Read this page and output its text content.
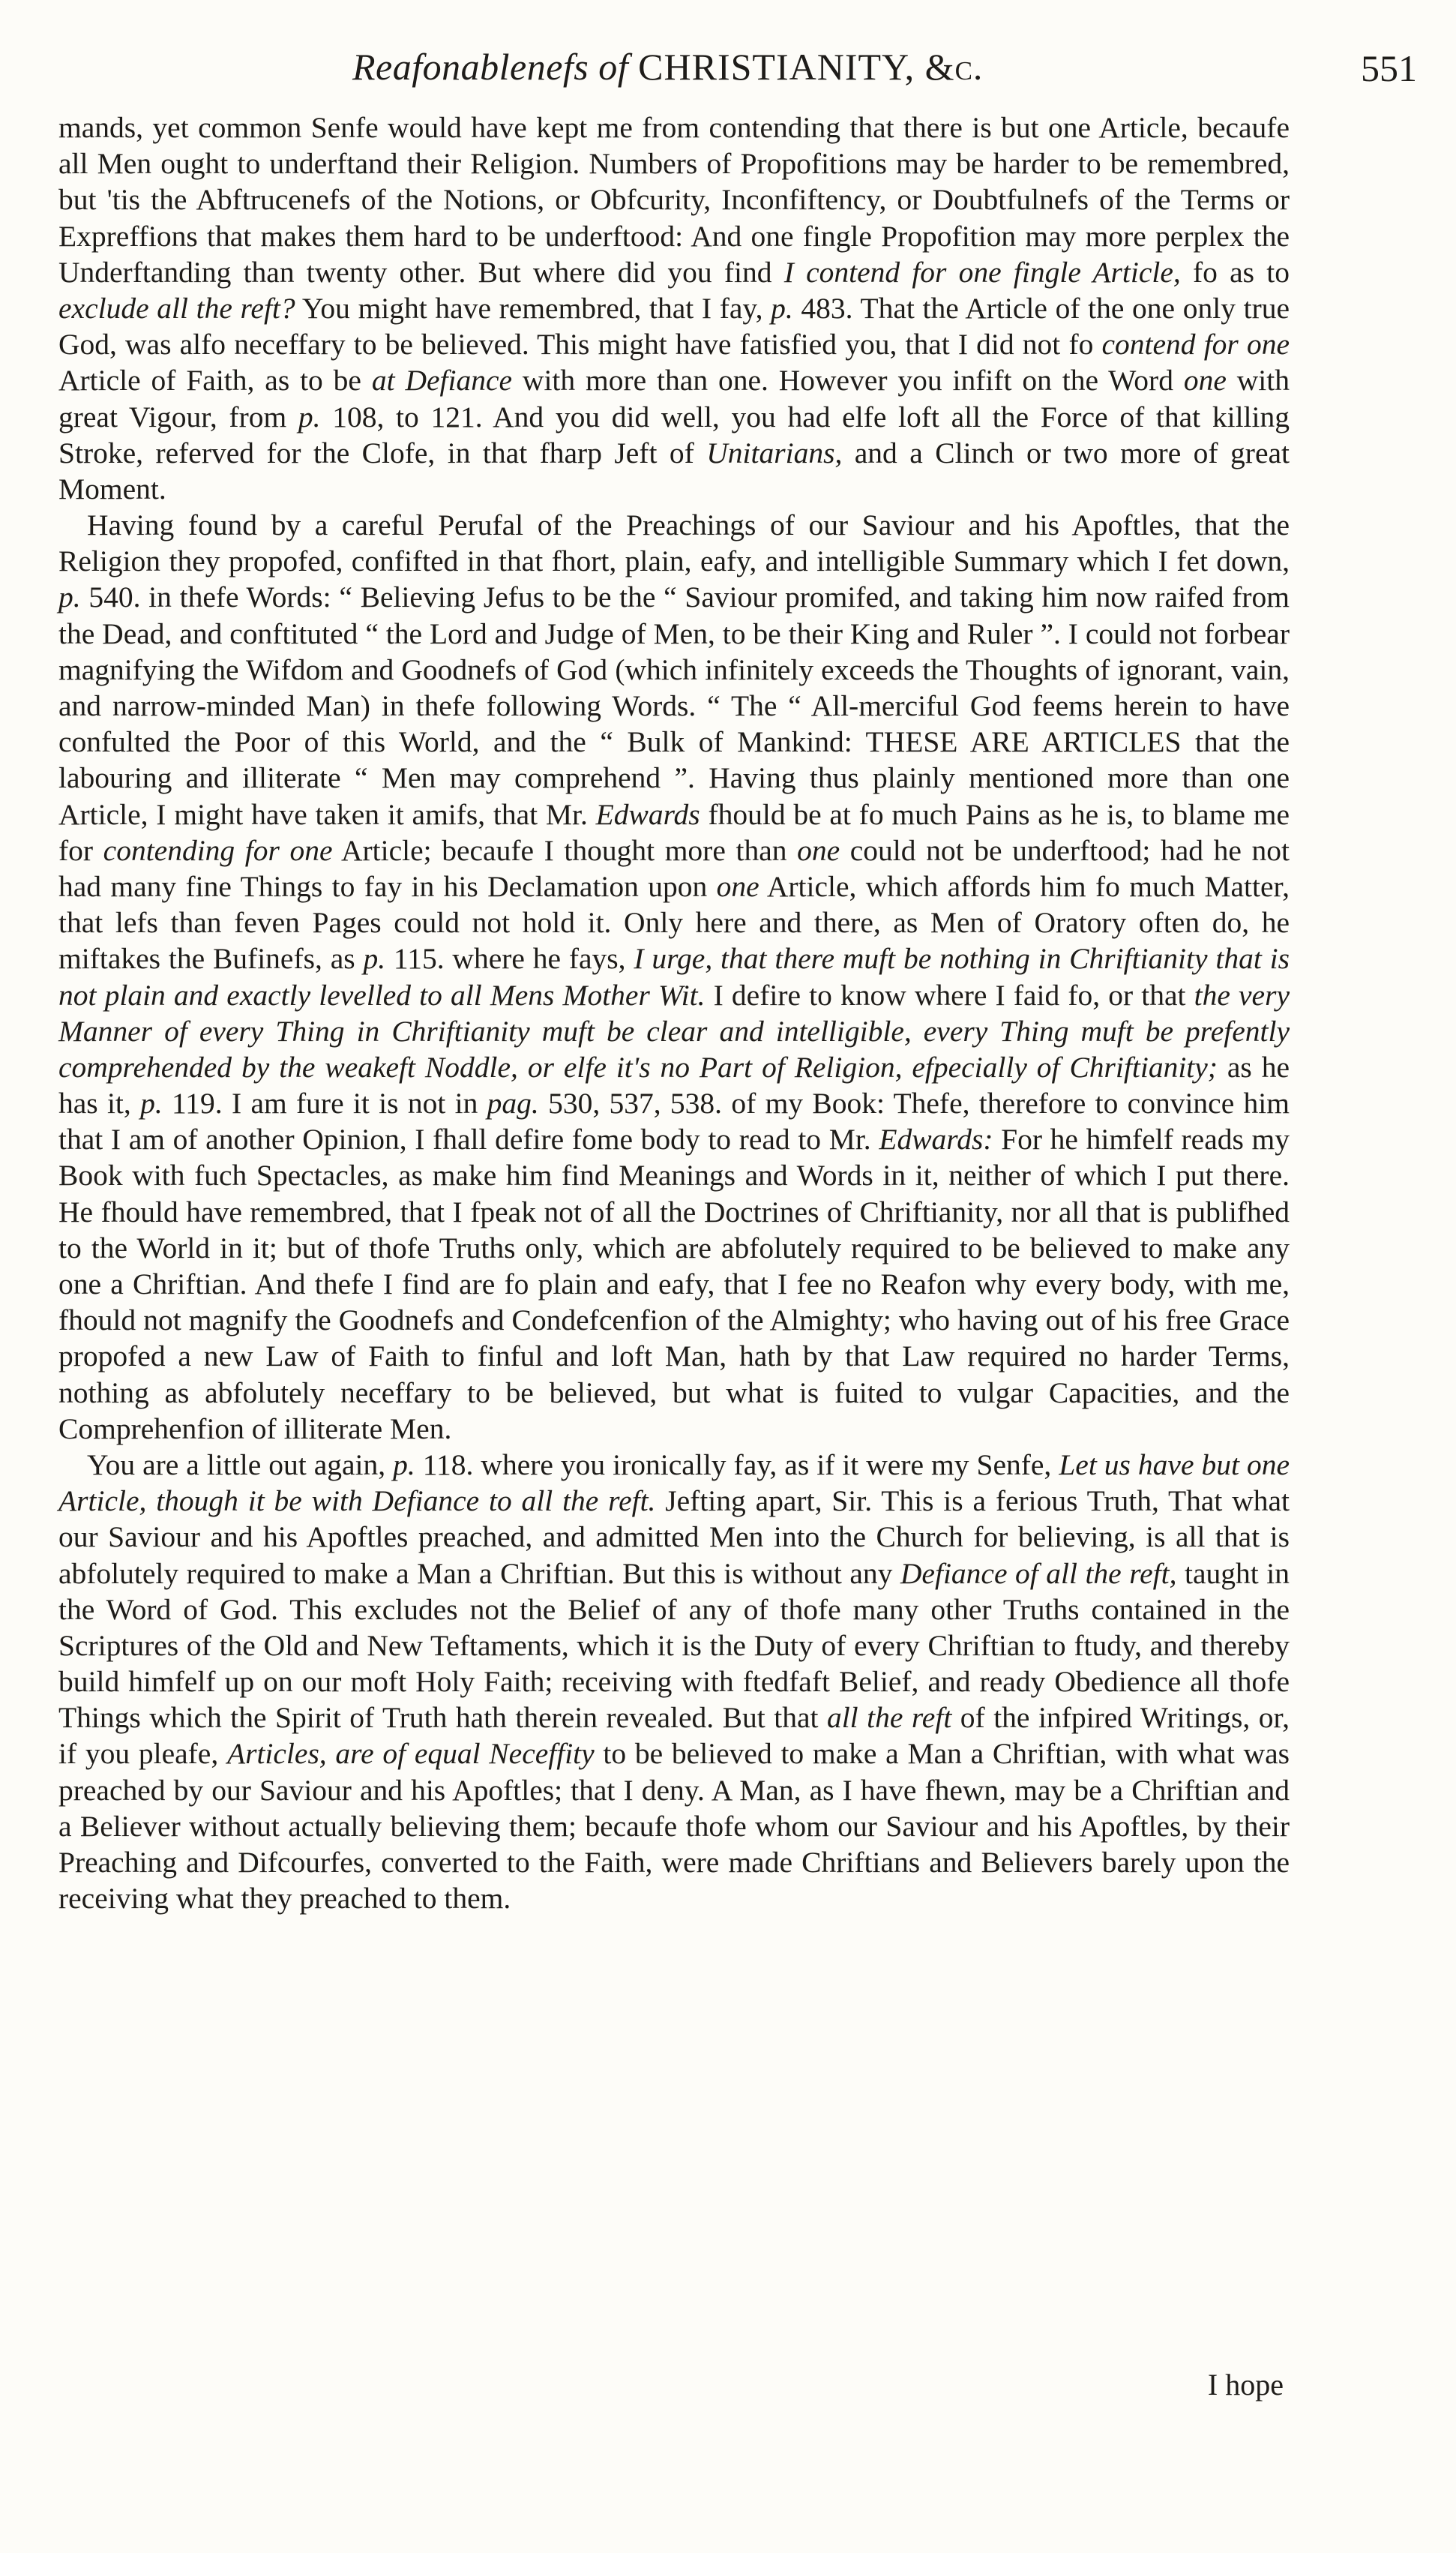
Reafonablenefs of CHRISTIANITY, &c.	551

mands, yet common Senfe would have kept me from contending that there is but one Article, becaufe all Men ought to underftand their Religion. Numbers of Propofitions may be harder to be remembred, but 'tis the Abftrucenefs of the Notions, or Obfcurity, Inconfiftency, or Doubtfulnefs of the Terms or Expreffions that makes them hard to be underftood: And one fingle Propofition may more perplex the Underftanding than twenty other. But where did you find I contend for one fingle Article, fo as to exclude all the reft? You might have remembred, that I fay, p. 483. That the Article of the one only true God, was alfo neceffary to be believed. This might have fatisfied you, that I did not fo contend for one Article of Faith, as to be at Defiance with more than one. However you infift on the Word one with great Vigour, from p. 108, to 121. And you did well, you had elfe loft all the Force of that killing Stroke, referved for the Clofe, in that fharp Jeft of Unitarians, and a Clinch or two more of great Moment.

Having found by a careful Perufal of the Preachings of our Saviour and his Apoftles, that the Religion they propofed, confifted in that fhort, plain, eafy, and intelligible Summary which I fet down, p. 540. in thefe Words: “ Believing Jefus to be the “ Saviour promifed, and taking him now raifed from the Dead, and conftituted “ the Lord and Judge of Men, to be their King and Ruler ”. I could not forbear magnifying the Wifdom and Goodnefs of God (which infinitely exceeds the Thoughts of ignorant, vain, and narrow-minded Man) in thefe following Words. “ The “ All-merciful God feems herein to have confulted the Poor of this World, and the “ Bulk of Mankind: THESE ARE ARTICLES that the labouring and illiterate “ Men may comprehend ”. Having thus plainly mentioned more than one Article, I might have taken it amifs, that Mr. Edwards fhould be at fo much Pains as he is, to blame me for contending for one Article; becaufe I thought more than one could not be underftood; had he not had many fine Things to fay in his Declamation upon one Article, which affords him fo much Matter, that lefs than feven Pages could not hold it. Only here and there, as Men of Oratory often do, he miftakes the Bufinefs, as p. 115. where he fays, I urge, that there muft be nothing in Chriftianity that is not plain and exactly levelled to all Mens Mother Wit. I defire to know where I faid fo, or that the very Manner of every Thing in Chriftianity muft be clear and intelligible, every Thing muft be prefently comprehended by the weakeft Noddle, or elfe it's no Part of Religion, efpecially of Chriftianity; as he has it, p. 119. I am fure it is not in pag. 530, 537, 538. of my Book: Thefe, therefore to convince him that I am of another Opinion, I fhall defire fome body to read to Mr. Edwards: For he himfelf reads my Book with fuch Spectacles, as make him find Meanings and Words in it, neither of which I put there. He fhould have remembred, that I fpeak not of all the Doctrines of Chriftianity, nor all that is publifhed to the World in it; but of thofe Truths only, which are abfolutely required to be believed to make any one a Chriftian. And thefe I find are fo plain and eafy, that I fee no Reafon why every body, with me, fhould not magnify the Goodnefs and Condefcenfion of the Almighty; who having out of his free Grace propofed a new Law of Faith to finful and loft Man, hath by that Law required no harder Terms, nothing as abfolutely neceffary to be believed, but what is fuited to vulgar Capacities, and the Comprehenfion of illiterate Men.

You are a little out again, p. 118. where you ironically fay, as if it were my Senfe, Let us have but one Article, though it be with Defiance to all the reft. Jefting apart, Sir. This is a ferious Truth, That what our Saviour and his Apoftles preached, and admitted Men into the Church for believing, is all that is abfolutely required to make a Man a Chriftian. But this is without any Defiance of all the reft, taught in the Word of God. This excludes not the Belief of any of thofe many other Truths contained in the Scriptures of the Old and New Teftaments, which it is the Duty of every Chriftian to ftudy, and thereby build himfelf up on our moft Holy Faith; receiving with ftedfaft Belief, and ready Obedience all thofe Things which the Spirit of Truth hath therein revealed. But that all the reft of the infpired Writings, or, if you pleafe, Articles, are of equal Neceffity to be believed to make a Man a Chriftian, with what was preached by our Saviour and his Apoftles; that I deny. A Man, as I have fhewn, may be a Chriftian and a Believer without actually believing them; becaufe thofe whom our Saviour and his Apoftles, by their Preaching and Difcourfes, converted to the Faith, were made Chriftians and Believers barely upon the receiving what they preached to them.

I hope
